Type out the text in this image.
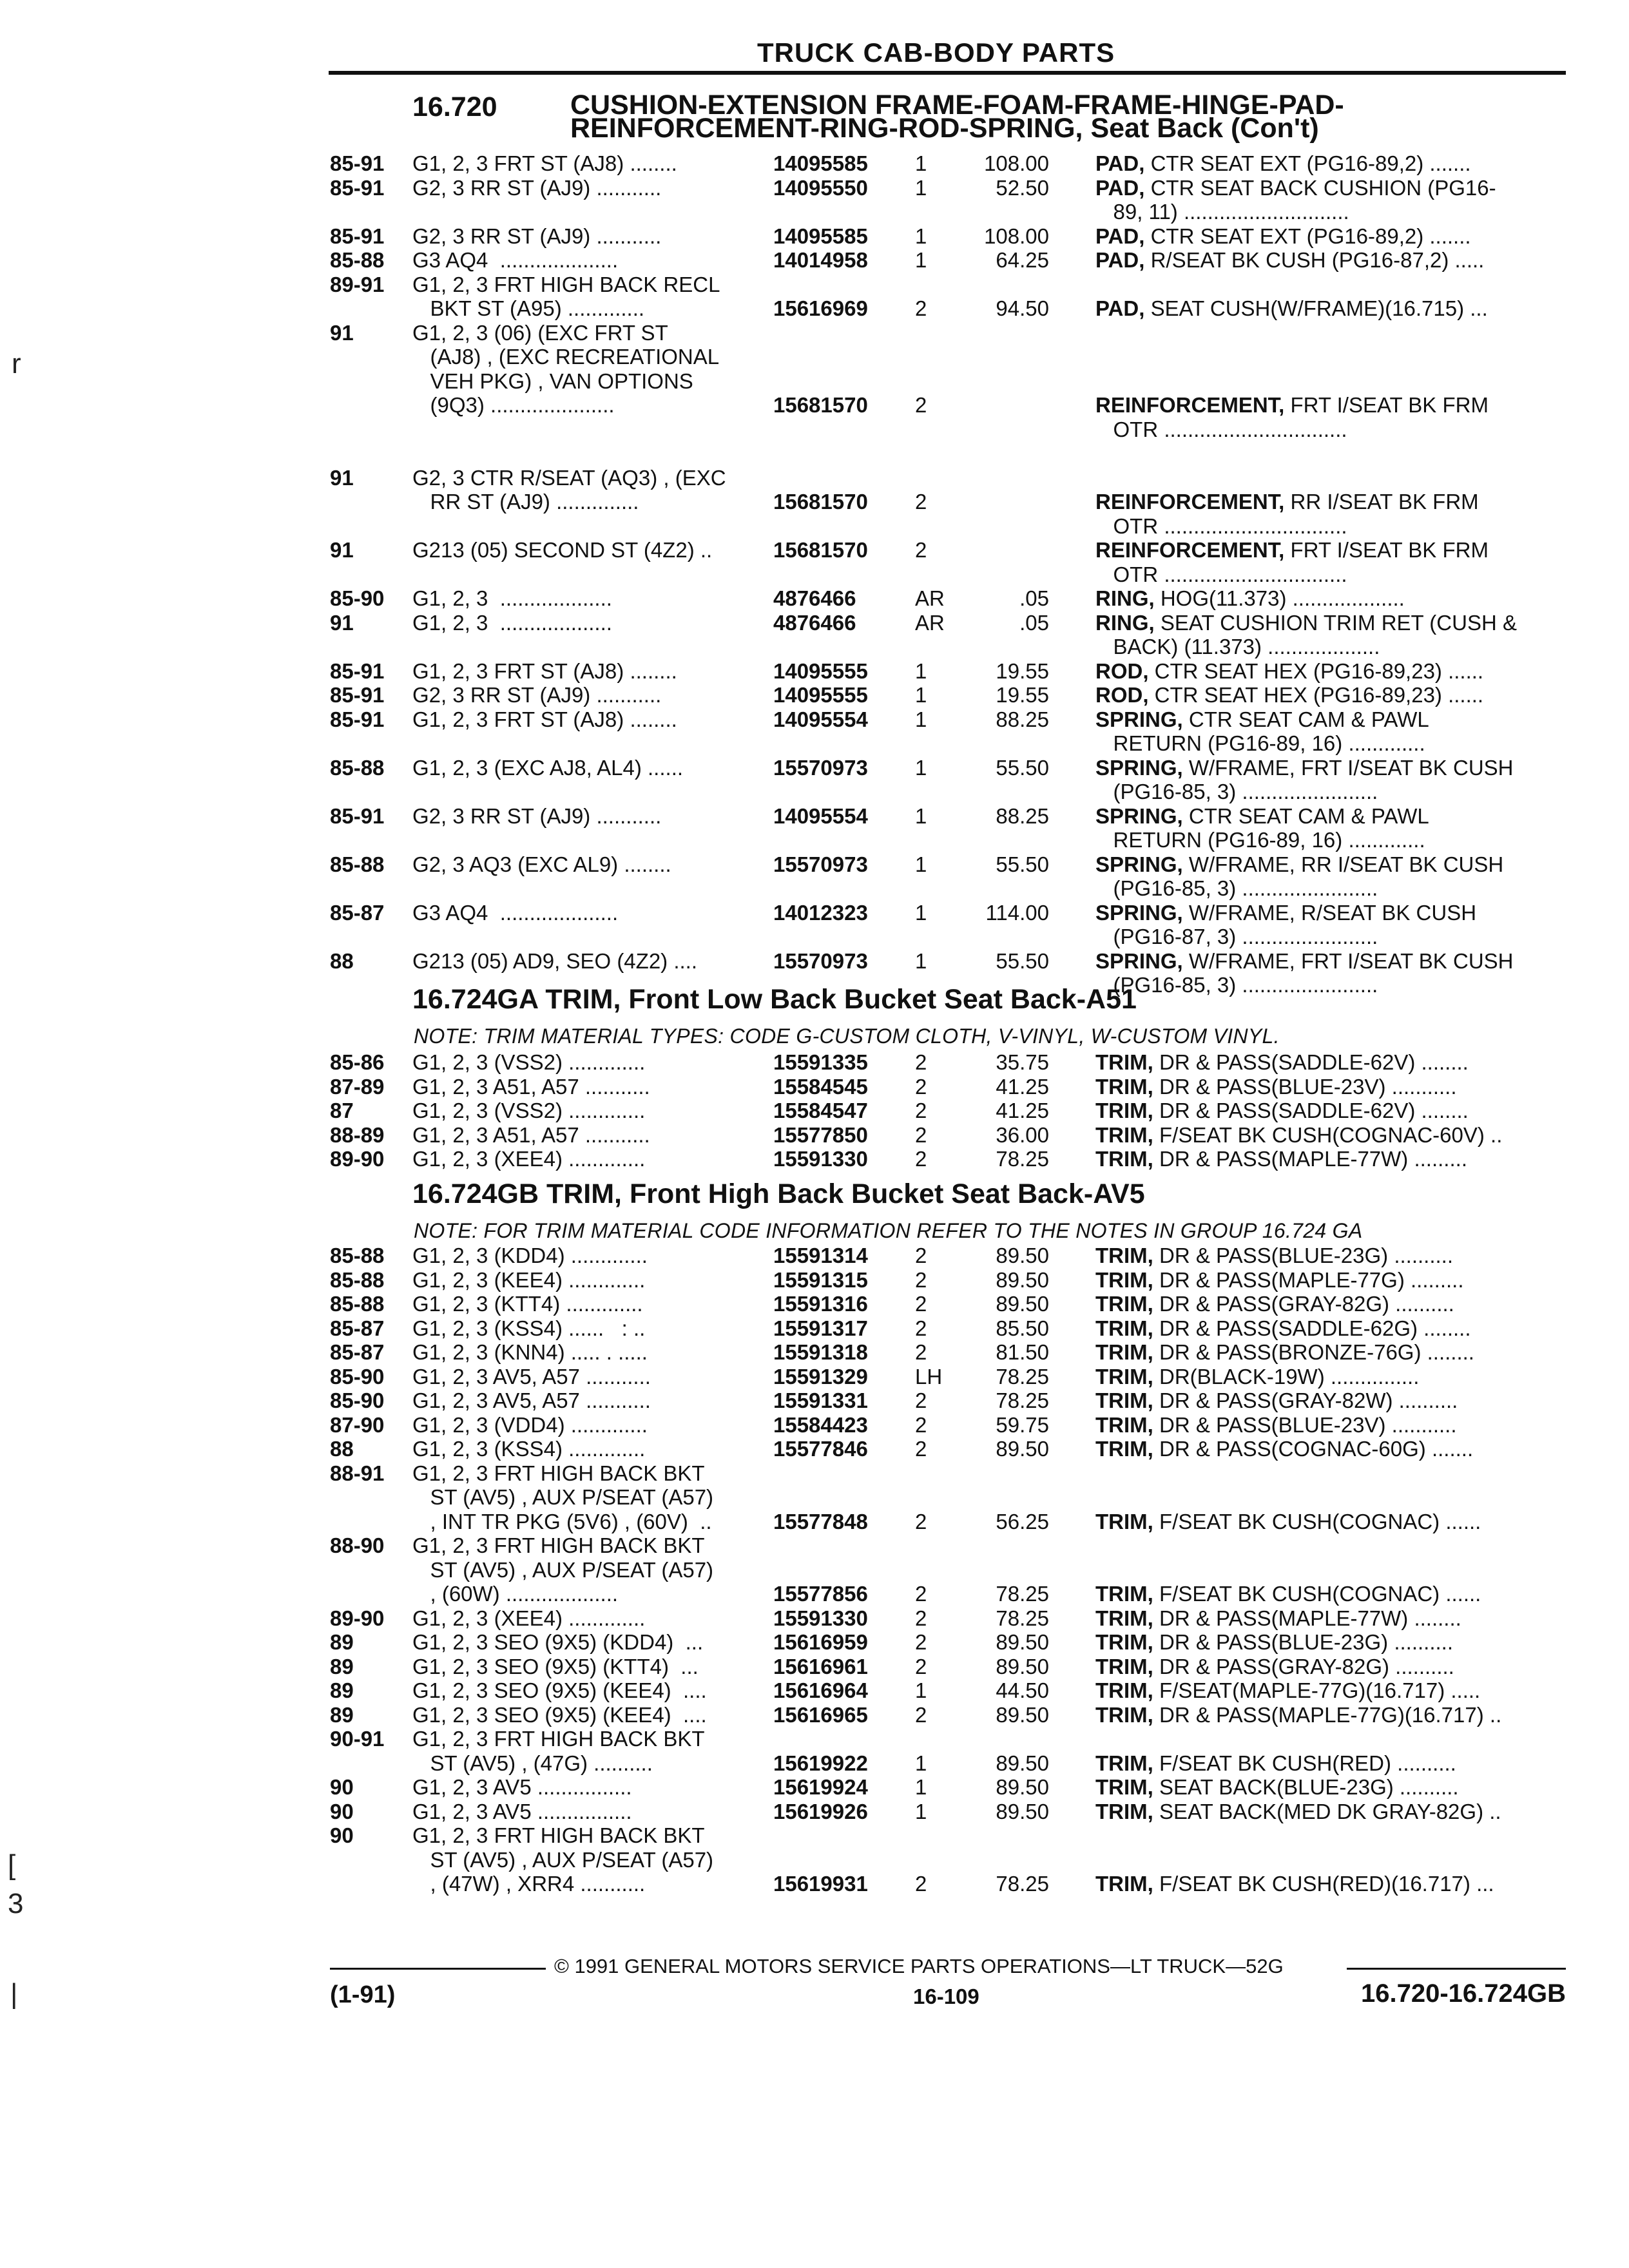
TRUCK CAB-BODY PARTS
16.720	CUSHION-EXTENSION FRAME-FOAM-FRAME-HINGE-PAD-
REINFORCEMENT-RING-ROD-SPRING, Seat Back (Con't)
85-91 G1, 2, 3 FRT ST (AJ8) ........	14095585 1	108.00 PAD, CTR SEAT EXT (PG16-89,2) .......
85-91 G2, 3 RR ST (AJ9) ...........	14095550 1	52.50 PAD, CTR SEAT BACK CUSHION (PG16-
89, 11) ............................
85-91 G2, 3 RR ST (AJ9) ...........	14095585 1	108.00 PAD, CTR SEAT EXT (PG16-89,2) .......
85-88 G3 AQ4  ....................	14014958 1	64.25 PAD, R/SEAT BK CUSH (PG16-87,2) .....
89-91 G1, 2, 3 FRT HIGH BACK RECL
BKT ST (A95) .............	15616969 2	94.50 PAD, SEAT CUSH(W/FRAME)(16.715) ...
91	G1, 2, 3 (06) (EXC FRT ST
(AJ8) , (EXC RECREATIONAL
VEH PKG) , VAN OPTIONS
(9Q3) .....................	15681570 2	REINFORCEMENT, FRT I/SEAT BK FRM
OTR ...............................
91	G2, 3 CTR R/SEAT (AQ3) , (EXC
RR ST (AJ9) ..............	15681570 2	REINFORCEMENT, RR I/SEAT BK FRM
OTR ...............................
91	G213 (05) SECOND ST (4Z2) ..	15681570 2	REINFORCEMENT, FRT I/SEAT BK FRM
OTR ...............................
85-90 G1, 2, 3  ...................	4876466	AR	.05 RING, HOG(11.373) ...................
91	G1, 2, 3  ...................	4876466	AR	.05 RING, SEAT CUSHION TRIM RET (CUSH &
BACK) (11.373) ...................
85-91 G1, 2, 3 FRT ST (AJ8) ........	14095555 1	19.55 ROD, CTR SEAT HEX (PG16-89,23) ......
85-91 G2, 3 RR ST (AJ9) ...........	14095555 1	19.55 ROD, CTR SEAT HEX (PG16-89,23) ......
85-91 G1, 2, 3 FRT ST (AJ8) ........	14095554 1	88.25 SPRING, CTR SEAT CAM & PAWL
RETURN (PG16-89, 16) .............
85-88 G1, 2, 3 (EXC AJ8, AL4) ......	15570973 1	55.50 SPRING, W/FRAME, FRT I/SEAT BK CUSH
(PG16-85, 3) .......................
85-91 G2, 3 RR ST (AJ9) ...........	14095554 1	88.25 SPRING, CTR SEAT CAM & PAWL
RETURN (PG16-89, 16) .............
85-88 G2, 3 AQ3 (EXC AL9) ........	15570973 1	55.50 SPRING, W/FRAME, RR I/SEAT BK CUSH
(PG16-85, 3) .......................
85-87 G3 AQ4  ....................	14012323 1	114.00 SPRING, W/FRAME, R/SEAT BK CUSH
(PG16-87, 3) .......................
88	G213 (05) AD9, SEO (4Z2) ....	15570973 1	55.50 SPRING, W/FRAME, FRT I/SEAT BK CUSH
(PG16-85, 3) .......................
16.724GA TRIM, Front Low Back Bucket Seat Back-A51
NOTE: TRIM MATERIAL TYPES: CODE G-CUSTOM CLOTH, V-VINYL, W-CUSTOM VINYL.
85-86 G1, 2, 3 (VSS2) .............	15591335 2	35.75 TRIM, DR & PASS(SADDLE-62V) ........
87-89 G1, 2, 3 A51, A57 ...........	15584545 2	41.25 TRIM, DR & PASS(BLUE-23V) ...........
87	G1, 2, 3 (VSS2) .............	15584547 2	41.25 TRIM, DR & PASS(SADDLE-62V) ........
88-89 G1, 2, 3 A51, A57 ...........	15577850 2	36.00 TRIM, F/SEAT BK CUSH(COGNAC-60V) ..
89-90 G1, 2, 3 (XEE4) .............	15591330 2	78.25 TRIM, DR & PASS(MAPLE-77W) .........
16.724GB TRIM, Front High Back Bucket Seat Back-AV5
NOTE: FOR TRIM MATERIAL CODE INFORMATION REFER TO THE NOTES IN GROUP 16.724 GA
85-88 G1, 2, 3 (KDD4) .............	15591314 2	89.50 TRIM, DR & PASS(BLUE-23G) ..........
85-88 G1, 2, 3 (KEE4) .............	15591315 2	89.50 TRIM, DR & PASS(MAPLE-77G) .........
85-88 G1, 2, 3 (KTT4) .............	15591316 2	89.50 TRIM, DR & PASS(GRAY-82G) ..........
85-87 G1, 2, 3 (KSS4) ......   : ..	15591317 2	85.50 TRIM, DR & PASS(SADDLE-62G) ........
85-87 G1, 2, 3 (KNN4) ..... . .....	15591318 2	81.50 TRIM, DR & PASS(BRONZE-76G) ........
85-90 G1, 2, 3 AV5, A57 ...........	15591329 LH	78.25 TRIM, DR(BLACK-19W) ...............
85-90 G1, 2, 3 AV5, A57 ...........	15591331 2	78.25 TRIM, DR & PASS(GRAY-82W) ..........
87-90 G1, 2, 3 (VDD4) .............	15584423 2	59.75 TRIM, DR & PASS(BLUE-23V) ...........
88	G1, 2, 3 (KSS4) .............	15577846 2	89.50 TRIM, DR & PASS(COGNAC-60G) .......
88-91 G1, 2, 3 FRT HIGH BACK BKT
ST (AV5) , AUX P/SEAT (A57)
, INT TR PKG (5V6) , (60V)  ..	15577848 2	56.25 TRIM, F/SEAT BK CUSH(COGNAC) ......
88-90 G1, 2, 3 FRT HIGH BACK BKT
ST (AV5) , AUX P/SEAT (A57)
, (60W) ...................	15577856 2	78.25 TRIM, F/SEAT BK CUSH(COGNAC) ......
89-90 G1, 2, 3 (XEE4) .............	15591330 2	78.25 TRIM, DR & PASS(MAPLE-77W) ........
89	G1, 2, 3 SEO (9X5) (KDD4)  ...	15616959 2	89.50 TRIM, DR & PASS(BLUE-23G) ..........
89	G1, 2, 3 SEO (9X5) (KTT4)  ...	15616961 2	89.50 TRIM, DR & PASS(GRAY-82G) ..........
89	G1, 2, 3 SEO (9X5) (KEE4)  ....	15616964 1	44.50 TRIM, F/SEAT(MAPLE-77G)(16.717) .....
89	G1, 2, 3 SEO (9X5) (KEE4)  ....	15616965 2	89.50 TRIM, DR & PASS(MAPLE-77G)(16.717) ..
90-91 G1, 2, 3 FRT HIGH BACK BKT
ST (AV5) , (47G) ..........	15619922 1	89.50 TRIM, F/SEAT BK CUSH(RED) ..........
90	G1, 2, 3 AV5 ................	15619924 1	89.50 TRIM, SEAT BACK(BLUE-23G) ..........
90	G1, 2, 3 AV5 ................	15619926 1	89.50 TRIM, SEAT BACK(MED DK GRAY-82G) ..
90	G1, 2, 3 FRT HIGH BACK BKT
ST (AV5) , AUX P/SEAT (A57)
, (47W) , XRR4 ...........	15619931 2	78.25 TRIM, F/SEAT BK CUSH(RED)(16.717) ...
© 1991 GENERAL MOTORS SERVICE PARTS OPERATIONS—LT TRUCK—52G
(1-91)	16-109	16.720-16.724GB
r
[
3
|
